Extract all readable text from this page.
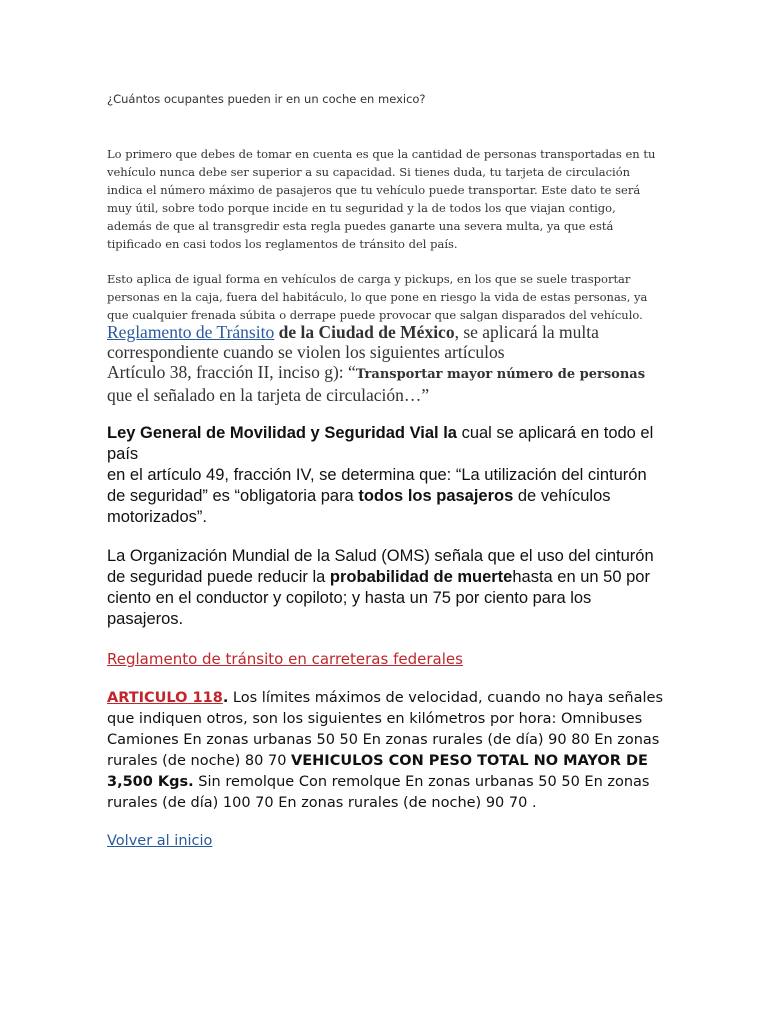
¿Cuántos ocupantes pueden ir en un coche en mexico?

Lo primero que debes de tomar en cuenta es que la cantidad de personas transportadas en tu vehículo nunca debe ser superior a su capacidad. Si tienes duda, tu tarjeta de circulación indica el número máximo de pasajeros que tu vehículo puede transportar. Este dato te será muy útil, sobre todo porque incide en tu seguridad y la de todos los que viajan contigo, además de que al transgredir esta regla puedes ganarte una severa multa, ya que está tipificado en casi todos los reglamentos de tránsito del país.

Esto aplica de igual forma en vehículos de carga y pickups, en los que se suele trasportar personas en la caja, fuera del habitáculo, lo que pone en riesgo la vida de estas personas, ya que cualquier frenada súbita o derrape puede provocar que salgan disparados del vehículo.

Reglamento de Tránsito de la Ciudad de México, se aplicará la multa correspondiente cuando se violen los siguientes artículos
Artículo 38, fracción II, inciso g): “Transportar mayor número de personas que el señalado en la tarjeta de circulación…”

Ley General de Movilidad y Seguridad Vial la cual se aplicará en todo el país
en el artículo 49, fracción IV, se determina que: “La utilización del cinturón de seguridad” es “obligatoria para todos los pasajeros de vehículos motorizados”.

La Organización Mundial de la Salud (OMS) señala que el uso del cinturón de seguridad puede reducir la probabilidad de muertehasta en un 50 por ciento en el conductor y copiloto; y hasta un 75 por ciento para los pasajeros.

Reglamento de tránsito en carreteras federales

ARTICULO 118. Los límites máximos de velocidad, cuando no haya señales que indiquen otros, son los siguientes en kilómetros por hora: Omnibuses Camiones En zonas urbanas 50 50 En zonas rurales (de día) 90 80 En zonas rurales (de noche) 80 70 VEHICULOS CON PESO TOTAL NO MAYOR DE 3,500 Kgs. Sin remolque Con remolque En zonas urbanas 50 50 En zonas rurales (de día) 100 70 En zonas rurales (de noche) 90 70 .

Volver al inicio
